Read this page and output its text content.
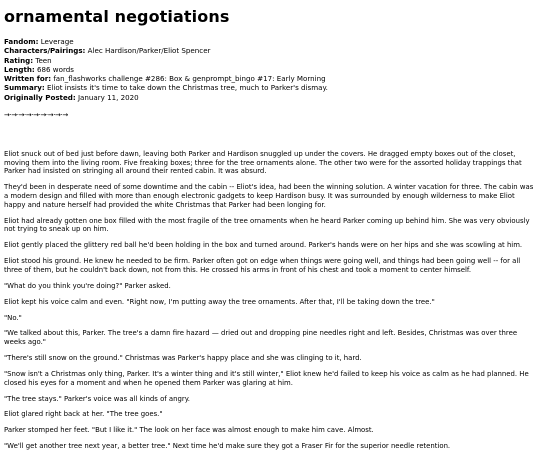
ornamental negotiations
Fandom: Leverage
Characters/Pairings: Alec Hardison/Parker/Eliot Spencer
Rating: Teen
Length: 686 words
Written for: fan_flashworks challenge #286: Box & genprompt_bingo #17: Early Morning
Summary: Eliot insists it's time to take down the Christmas tree, much to Parker's dismay.
Originally Posted: January 11, 2020
→·→·→·→·→·→·→·→·→

Eliot snuck out of bed just before dawn, leaving both Parker and Hardison snuggled up under the covers. He dragged empty boxes out of the closet, moving them into the living room. Five freaking boxes; three for the tree ornaments alone. The other two were for the assorted holiday trappings that Parker had insisted on stringing all around their rented cabin. It was absurd.

They'd been in desperate need of some downtime and the cabin -- Eliot's idea, had been the winning solution. A winter vacation for three. The cabin was a modern design and filled with more than enough electronic gadgets to keep Hardison busy. It was surrounded by enough wilderness to make Eliot happy and nature herself had provided the white Christmas that Parker had been longing for.

Eliot had already gotten one box filled with the most fragile of the tree ornaments when he heard Parker coming up behind him. She was very obviously not trying to sneak up on him.

Eliot gently placed the glittery red ball he'd been holding in the box and turned around. Parker's hands were on her hips and she was scowling at him.

Eliot stood his ground. He knew he needed to be firm. Parker often got on edge when things were going well, and things had been going well -- for all three of them, but he couldn't back down, not from this. He crossed his arms in front of his chest and took a moment to center himself.

"What do you think you're doing?" Parker asked.

Eliot kept his voice calm and even. "Right now, I'm putting away the tree ornaments. After that, I'll be taking down the tree."

"No."

"We talked about this, Parker. The tree's a damn fire hazard — dried out and dropping pine needles right and left. Besides, Christmas was over three weeks ago."

"There's still snow on the ground." Christmas was Parker's happy place and she was clinging to it, hard.

"Snow isn't a Christmas only thing, Parker. It's a winter thing and it's still winter," Eliot knew he'd failed to keep his voice as calm as he had planned. He closed his eyes for a moment and when he opened them Parker was glaring at him.

"The tree stays." Parker's voice was all kinds of angry.

Eliot glared right back at her. "The tree goes."

Parker stomped her feet. "But I like it." The look on her face was almost enough to make him cave. Almost.

"We'll get another tree next year, a better tree." Next time he'd make sure they got a Fraser Fir for the superior needle retention.
